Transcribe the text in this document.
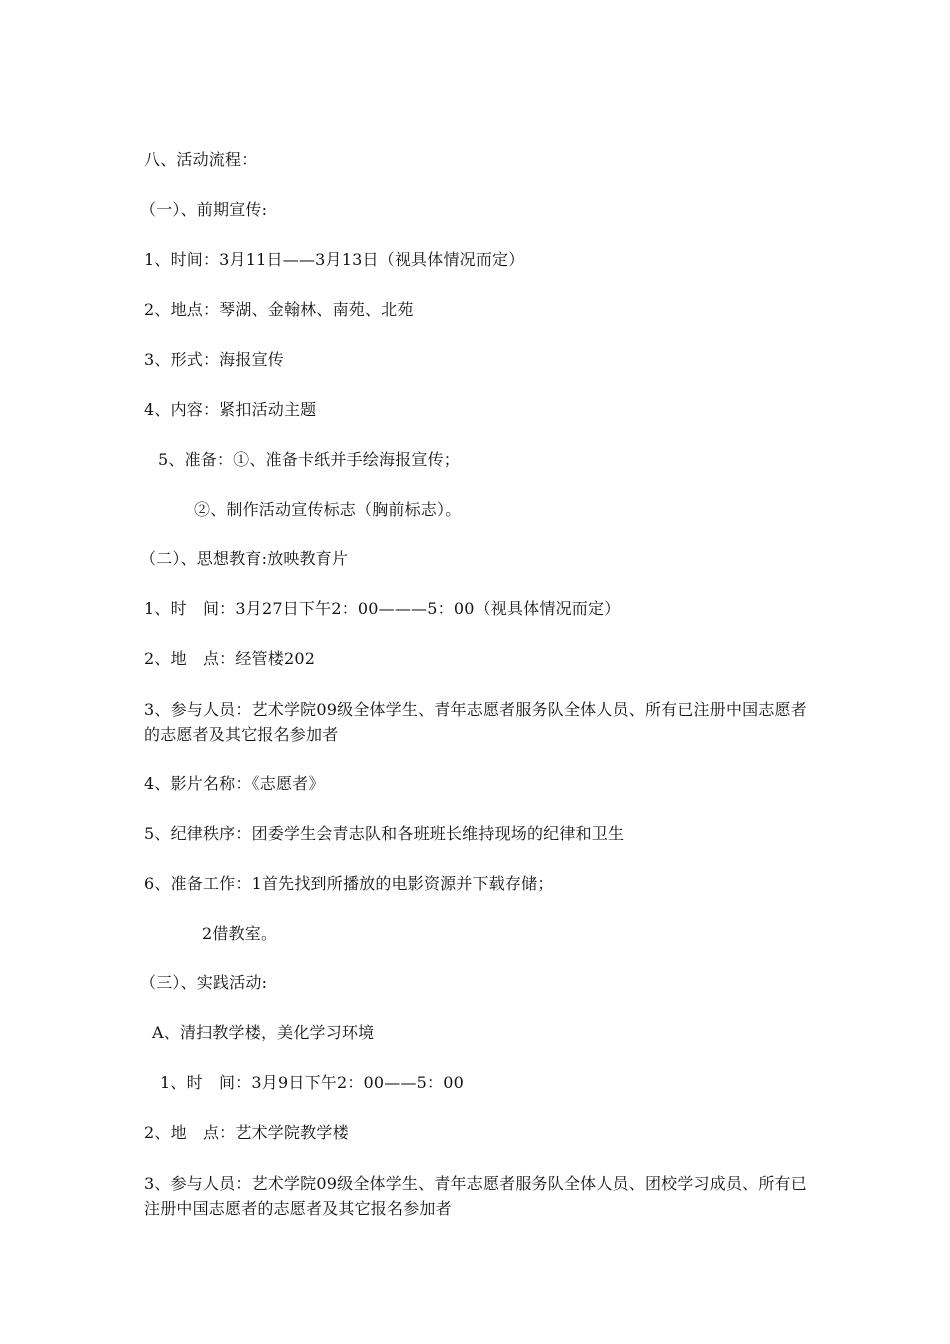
八、活动流程：
（一）、前期宣传:
1、时间：3月11日——3月13日（视具体情况而定）
2、地点：琴湖、金翰林、南苑、北苑
3、形式：海报宣传
4、内容：紧扣活动主题
5、准备：①、准备卡纸并手绘海报宣传；
②、制作活动宣传标志（胸前标志）。
（二）、思想教育:放映教育片
1、时　间：3月27日下午2：00———5：00（视具体情况而定）
2、地　点：经管楼202
3、参与人员：艺术学院09级全体学生、青年志愿者服务队全体人员、所有已注册中国志愿者的志愿者及其它报名参加者
4、影片名称：《志愿者》
5、纪律秩序：团委学生会青志队和各班班长维持现场的纪律和卫生
6、准备工作：1首先找到所播放的电影资源并下载存储；
2借教室。
（三）、实践活动:
A、清扫教学楼，美化学习环境
1、时　间：3月9日下午2：00——5：00
2、地　点：艺术学院教学楼
3、参与人员：艺术学院09级全体学生、青年志愿者服务队全体人员、团校学习成员、所有已注册中国志愿者的志愿者及其它报名参加者
